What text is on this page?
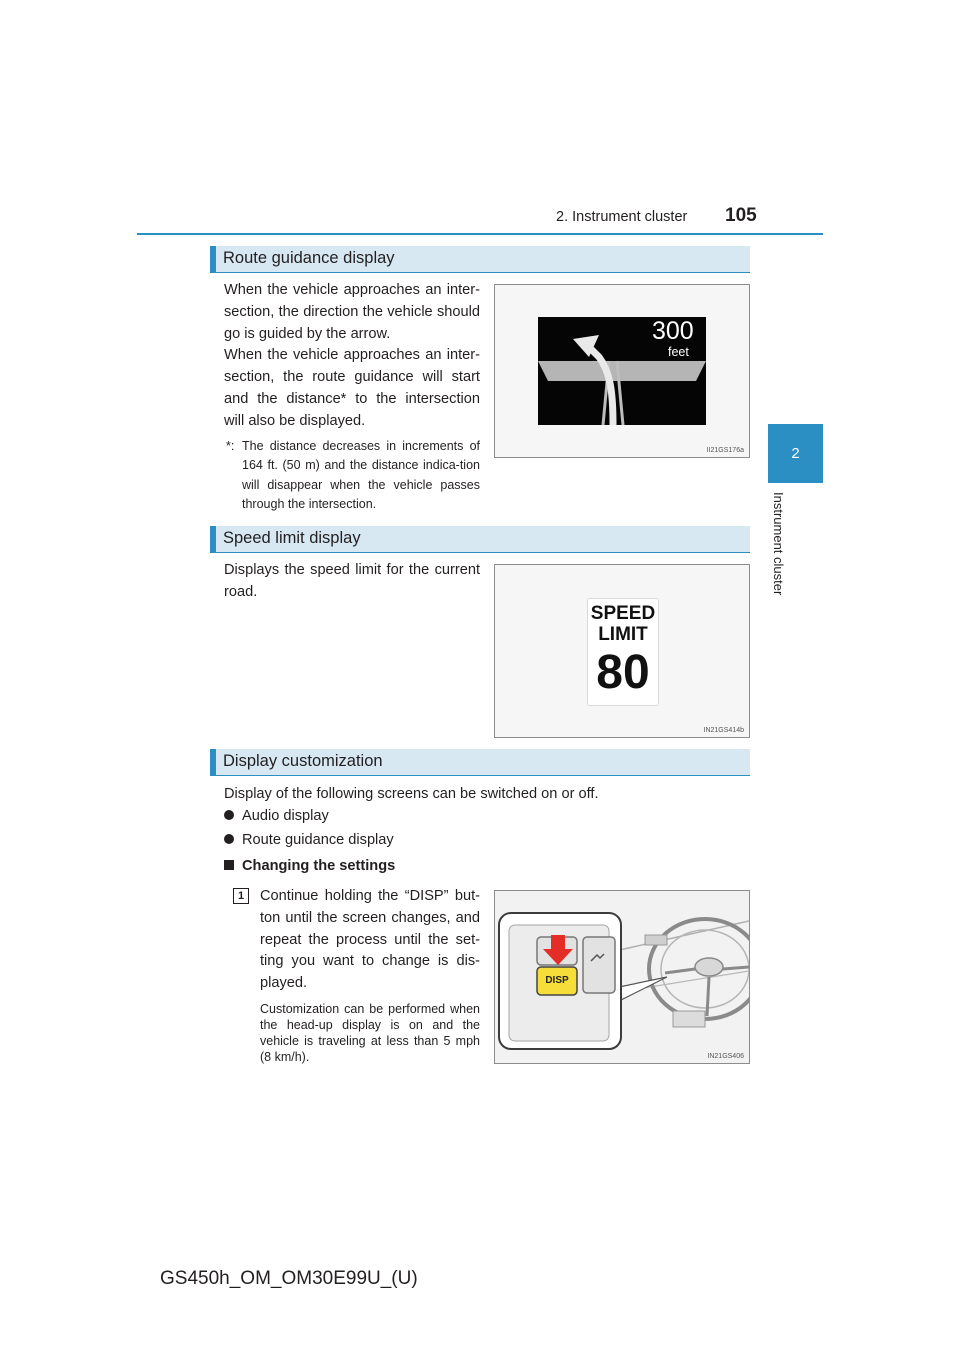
2. Instrument cluster 105
2
Instrument cluster
Route guidance display

When the vehicle approaches an inter-section, the direction the vehicle should go is guided by the arrow.

When the vehicle approaches an inter-section, the route guidance will start and the distance* to the intersection will also be displayed.

*: The distance decreases in increments of 164 ft. (50 m) and the distance indica-tion will disappear when the vehicle passes through the intersection.
300
feet
II21GS176a
Speed limit display
Displays the speed limit for the current road.
SPEED
LIMIT
80
IN21GS414b
Display customization
Display of the following screens can be switched on or off.
Audio display
Route guidance display
Changing the settings
1	Continue holding the “DISP” but-ton until the screen changes, and repeat the process until the set-ting you want to change is dis-played.
Customization can be performed when the head-up display is on and the vehicle is traveling at less than 5 mph (8 km/h).
DISP
IN21GS406
GS450h_OM_OM30E99U_(U)
